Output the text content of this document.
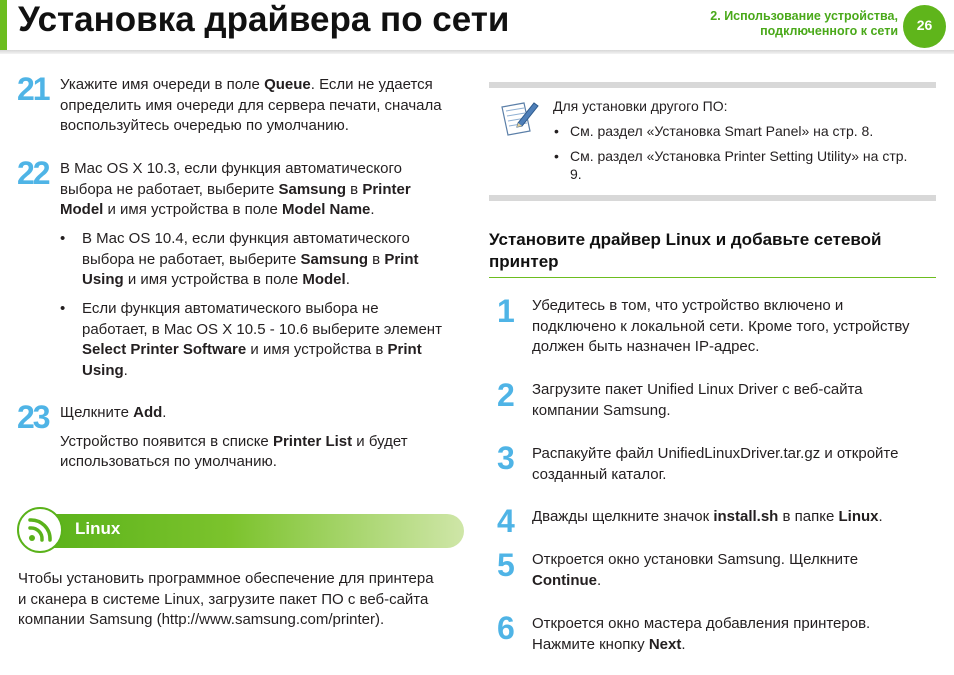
Установка драйвера по сети	2. Использование устройства,
подключенного к сети	26
21 Укажите имя очереди в поле Queue. Если не удается
определить имя очереди для сервера печати, сначала
воспользуйтесь очередью по умолчанию.
22 В Mac OS X 10.3, если функция автоматического
выбора не работает, выберите Samsung в Printer
Model и имя устройства в поле Model Name.
• В Mac OS 10.4, если функция автоматического
выбора не работает, выберите Samsung в Print
Using и имя устройства в поле Model.
• Если функция автоматического выбора не
работает, в Mac OS X 10.5 - 10.6 выберите элемент
Select Printer Software и имя устройства в Print
Using.
23 Щелкните Add.
Устройство появится в списке Printer List и будет
использоваться по умолчанию.
Linux
Чтобы установить программное обеспечение для принтера
и сканера в системе Linux, загрузите пакет ПО с веб-сайта
компании Samsung (http://www.samsung.com/printer).
Для установки другого ПО:
• См. раздел «Установка Smart Panel» на стр. 8.
• См. раздел «Установка Printer Setting Utility» на стр.
9.
Установите драйвер Linux и добавьте сетевой
принтер
1 Убедитесь в том, что устройство включено и
подключено к локальной сети. Кроме того, устройству
должен быть назначен IP-адрес.
2 Загрузите пакет Unified Linux Driver с веб-сайта
компании Samsung.
3 Распакуйте файл UnifiedLinuxDriver.tar.gz и откройте
созданный каталог.
4 Дважды щелкните значок install.sh в папке Linux.
5 Откроется окно установки Samsung. Щелкните
Continue.
6 Откроется окно мастера добавления принтеров.
Нажмите кнопку Next.
